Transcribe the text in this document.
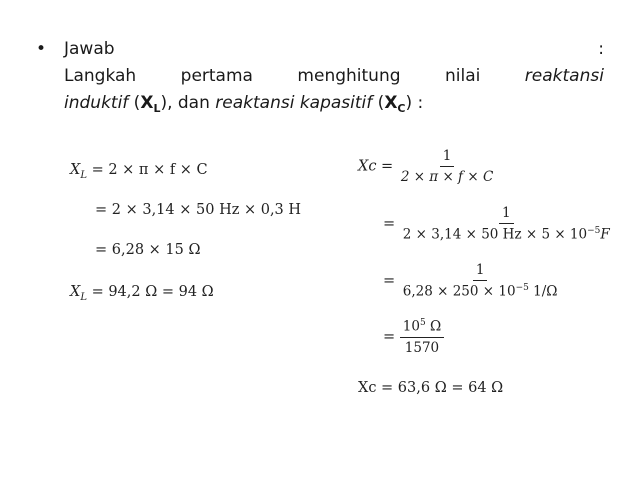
• Jawab	:
Langkah	pertama	menghitung	nilai	reaktansi
induktif $(X_L)$, dan reaktansi kapasitif $(X_C)$ :
$X_L = 2 \times \pi \times f \times C$
= 2 × 3,14 × 50 Hz × 0,3 H
= 6,28 × 15 Ω
$X_L = 94,2$ Ω = 94 Ω
$Xc = \frac{1}{2 \times \pi \times f \times C}$
= $\frac{1}{2 \times 3,14 \times 50 Hz \times 5 \times 10^{-5}F}$
= $\frac{1}{6,28 \times 250 \times 10^{-5} 1/\Omega}$
= $\frac{10^5 \Omega}{1570}$
Xc = 63,6 Ω = 64 Ω
